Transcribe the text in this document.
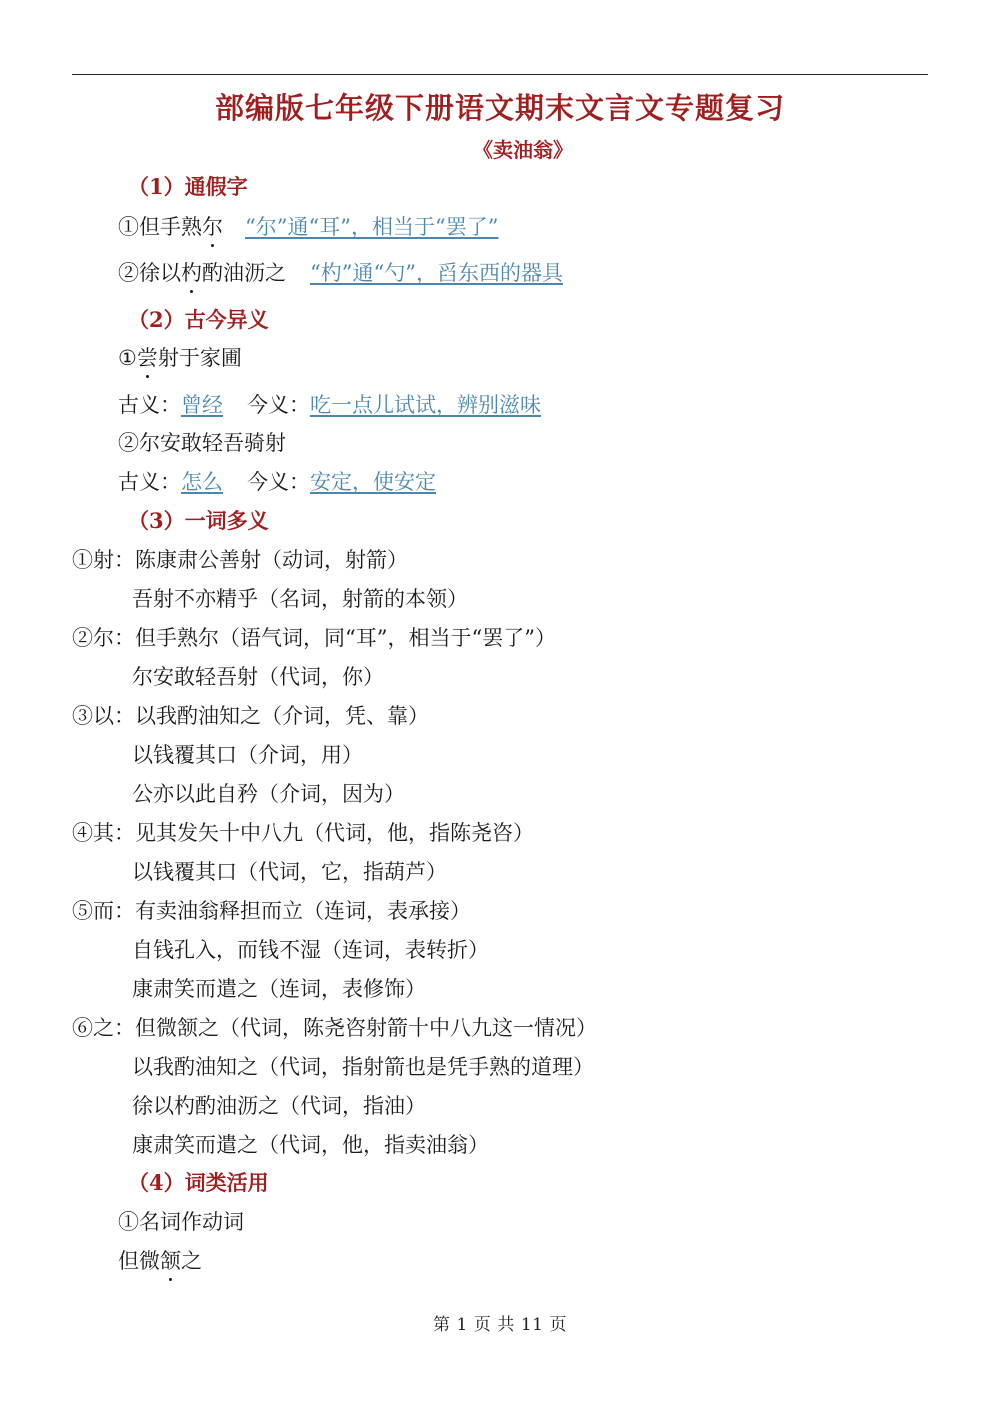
部编版七年级下册语文期末文言文专题复习
《卖油翁》
（1）通假字
①但手熟尔 “尔”通“耳”，相当于“罢了”
②徐以杓酌油沥之 “杓”通“勺”，舀东西的器具
（2）古今异义
①尝射于家圃
古义：曾经 今义：吃一点儿试试，辨别滋味
②尔安敢轻吾骑射
古义：怎么 今义：安定，使安定
（3）一词多义
①射：陈康肃公善射（动词，射箭）
吾射不亦精乎（名词，射箭的本领）
②尔：但手熟尔（语气词，同“耳”，相当于“罢了”）
尔安敢轻吾射（代词，你）
③以：以我酌油知之（介词，凭、靠）
以钱覆其口（介词，用）
公亦以此自矜（介词，因为）
④其：见其发矢十中八九（代词，他，指陈尧咨）
以钱覆其口（代词，它，指葫芦）
⑤而：有卖油翁释担而立（连词，表承接）
自钱孔入，而钱不湿（连词，表转折）
康肃笑而遣之（连词，表修饰）
⑥之：但微颔之（代词，陈尧咨射箭十中八九这一情况）
以我酌油知之（代词，指射箭也是凭手熟的道理）
徐以杓酌油沥之（代词，指油）
康肃笑而遣之（代词，他，指卖油翁）
（4）词类活用
①名词作动词
但微颔之
第 1 页 共 11 页
